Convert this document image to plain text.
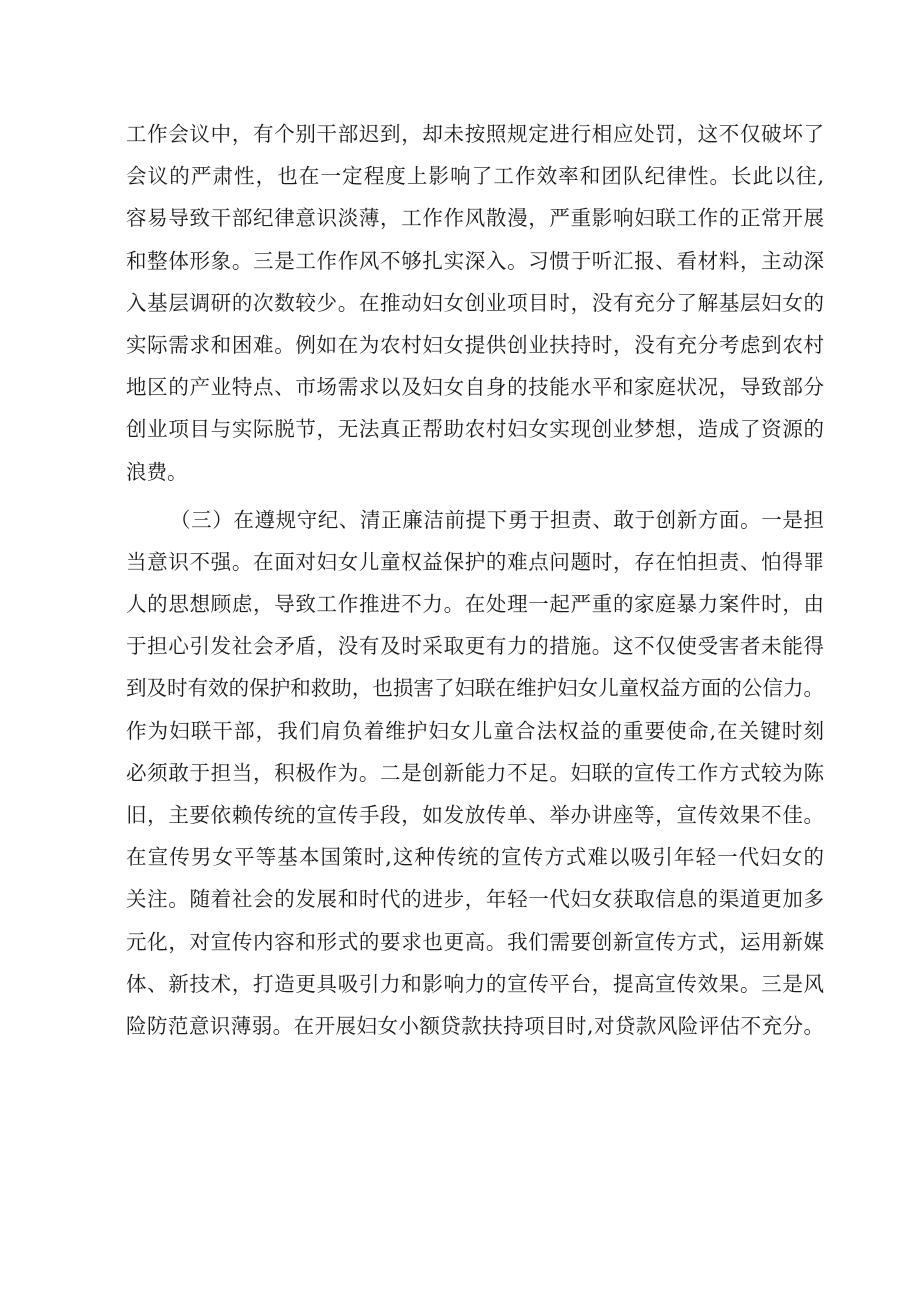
工作会议中，有个别干部迟到，却未按照规定进行相应处罚，这不仅破坏了
会议的严肃性，也在一定程度上影响了工作效率和团队纪律性。长此以往,
容易导致干部纪律意识淡薄，工作作风散漫，严重影响妇联工作的正常开展
和整体形象。三是工作作风不够扎实深入。习惯于听汇报、看材料，主动深
入基层调研的次数较少。在推动妇女创业项目时，没有充分了解基层妇女的
实际需求和困难。例如在为农村妇女提供创业扶持时，没有充分考虑到农村
地区的产业特点、市场需求以及妇女自身的技能水平和家庭状况，导致部分
创业项目与实际脱节，无法真正帮助农村妇女实现创业梦想，造成了资源的
浪费。
（三）在遵规守纪、清正廉洁前提下勇于担责、敢于创新方面。一是担
当意识不强。在面对妇女儿童权益保护的难点问题时，存在怕担责、怕得罪
人的思想顾虑，导致工作推进不力。在处理一起严重的家庭暴力案件时，由
于担心引发社会矛盾，没有及时采取更有力的措施。这不仅使受害者未能得
到及时有效的保护和救助，也损害了妇联在维护妇女儿童权益方面的公信力。
作为妇联干部，我们肩负着维护妇女儿童合法权益的重要使命,在关键时刻
必须敢于担当，积极作为。二是创新能力不足。妇联的宣传工作方式较为陈
旧，主要依赖传统的宣传手段，如发放传单、举办讲座等，宣传效果不佳。
在宣传男女平等基本国策时,这种传统的宣传方式难以吸引年轻一代妇女的
关注。随着社会的发展和时代的进步，年轻一代妇女获取信息的渠道更加多
元化，对宣传内容和形式的要求也更高。我们需要创新宣传方式，运用新媒
体、新技术，打造更具吸引力和影响力的宣传平台，提高宣传效果。三是风
险防范意识薄弱。在开展妇女小额贷款扶持项目时,对贷款风险评估不充分。
